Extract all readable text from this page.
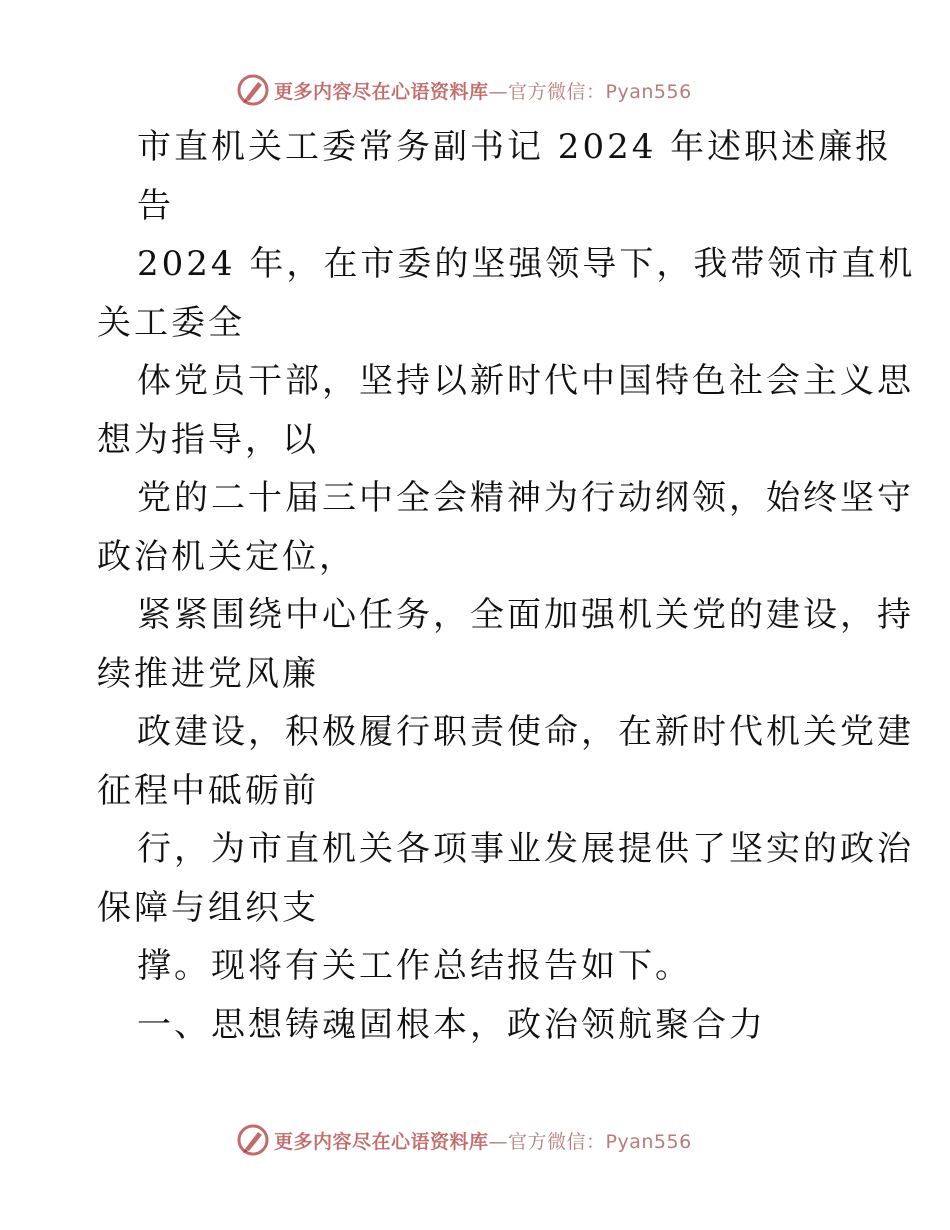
更多内容尽在心语资料库—官方微信：Pyan556
市直机关工委常务副书记 2024 年述职述廉报
告
2024 年，在市委的坚强领导下，我带领市直机
关工委全
体党员干部，坚持以新时代中国特色社会主义思
想为指导，以
党的二十届三中全会精神为行动纲领，始终坚守
政治机关定位，
紧紧围绕中心任务，全面加强机关党的建设，持
续推进党风廉
政建设，积极履行职责使命，在新时代机关党建
征程中砥砺前
行，为市直机关各项事业发展提供了坚实的政治
保障与组织支
撑。现将有关工作总结报告如下。
一、思想铸魂固根本，政治领航聚合力
更多内容尽在心语资料库—官方微信：Pyan556
